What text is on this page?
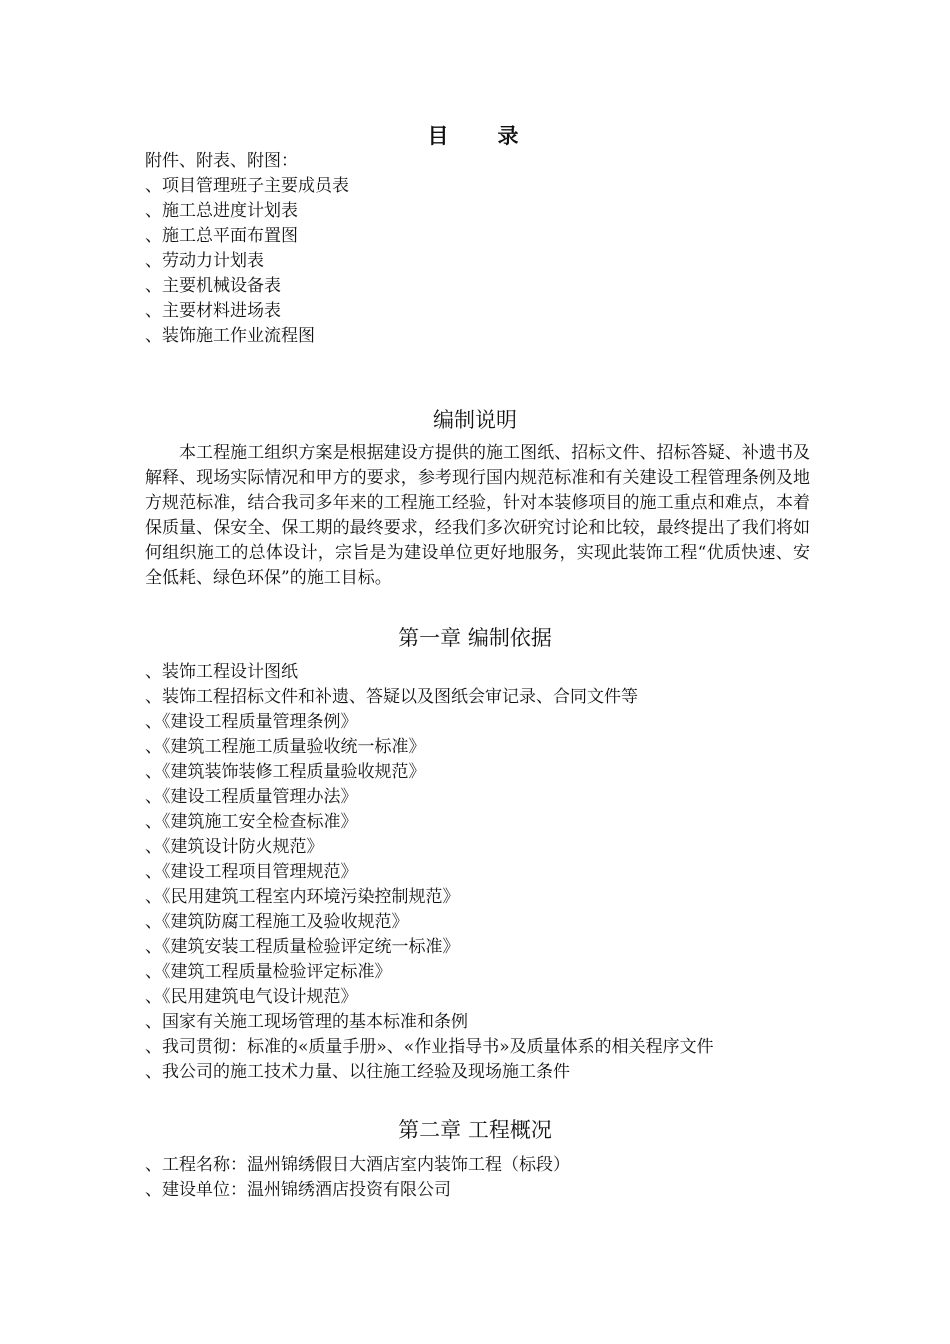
目　录
附件、附表、附图：
、项目管理班子主要成员表
、施工总进度计划表
、施工总平面布置图
、劳动力计划表
、主要机械设备表
、主要材料进场表
、装饰施工作业流程图
编制说明

本工程施工组织方案是根据建设方提供的施工图纸、招标文件、招标答疑、补遗书及解释、现场实际情况和甲方的要求，参考现行国内规范标准和有关建设工程管理条例及地方规范标准，结合我司多年来的工程施工经验，针对本装修项目的施工重点和难点，本着保质量、保安全、保工期的最终要求，经我们多次研究讨论和比较，最终提出了我们将如何组织施工的总体设计，宗旨是为建设单位更好地服务，实现此装饰工程“优质快速、安全低耗、绿色环保”的施工目标。

第一章 编制依据
、装饰工程设计图纸
、装饰工程招标文件和补遗、答疑以及图纸会审记录、合同文件等
、《建设工程质量管理条例》
、《建筑工程施工质量验收统一标准》
、《建筑装饰装修工程质量验收规范》
、《建设工程质量管理办法》
、《建筑施工安全检查标准》
、《建筑设计防火规范》
、《建设工程项目管理规范》
、《民用建筑工程室内环境污染控制规范》
、《建筑防腐工程施工及验收规范》
、《建筑安装工程质量检验评定统一标准》
、《建筑工程质量检验评定标准》
、《民用建筑电气设计规范》
、国家有关施工现场管理的基本标准和条例
、我司贯彻：标准的«质量手册»、«作业指导书»及质量体系的相关程序文件
、我公司的施工技术力量、以往施工经验及现场施工条件
第二章 工程概况
、工程名称：温州锦绣假日大酒店室内装饰工程（标段）
、建设单位：温州锦绣酒店投资有限公司
